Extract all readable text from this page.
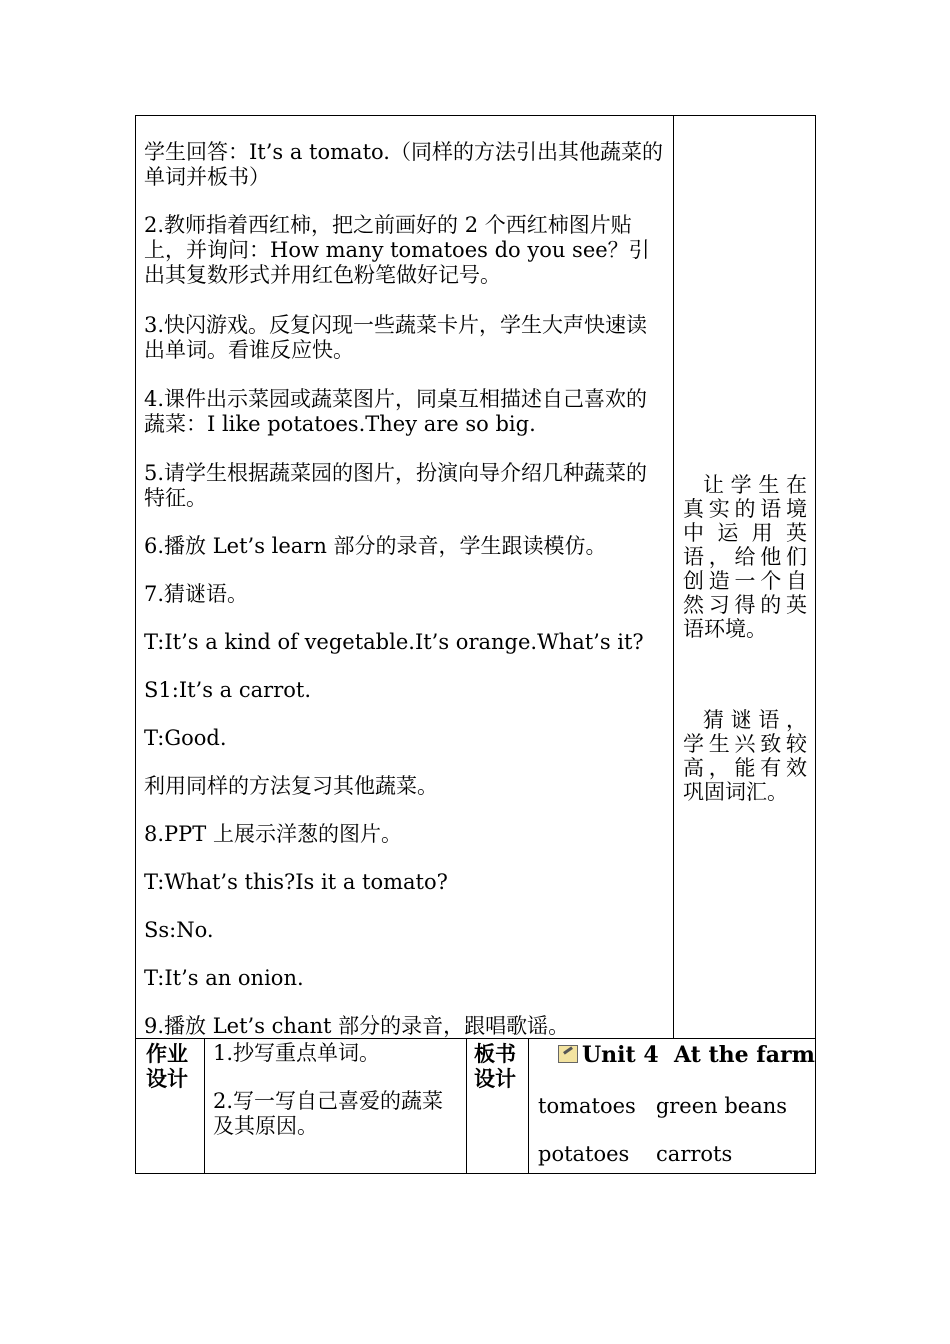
学生回答：It’s a tomato.（同样的方法引出其他蔬菜的单词并板书）

2.教师指着西红柿，把之前画好的 2 个西红柿图片贴上，并询问：How many tomatoes do you see？引出其复数形式并用红色粉笔做好记号。

3.快闪游戏。反复闪现一些蔬菜卡片，学生大声快速读出单词。看谁反应快。

4.课件出示菜园或蔬菜图片，同桌互相描述自己喜欢的蔬菜：I like potatoes.They are so big.

5.请学生根据蔬菜园的图片，扮演向导介绍几种蔬菜的特征。

6.播放 Let’s learn 部分的录音，学生跟读模仿。

7.猜谜语。

T:It’s a kind of vegetable.It’s orange.What’s it?

S1:It’s a carrot.

T:Good.

利用同样的方法复习其他蔬菜。

8.PPT 上展示洋葱的图片。

T:What’s this?Is it a tomato?

Ss:No.

T:It’s an onion.

9.播放 Let’s chant 部分的录音，跟唱歌谣。

让学生在真实的语境中运用英语，给他们创造一个自然习得的英语环境。
猜谜语，学生兴致较高，能有效巩固词汇。
作业设计
1.抄写重点单词。
2.写一写自己喜爱的蔬菜及其原因。
板书设计
Unit 4  At the farm
tomatoes   green beans
potatoes    carrots
